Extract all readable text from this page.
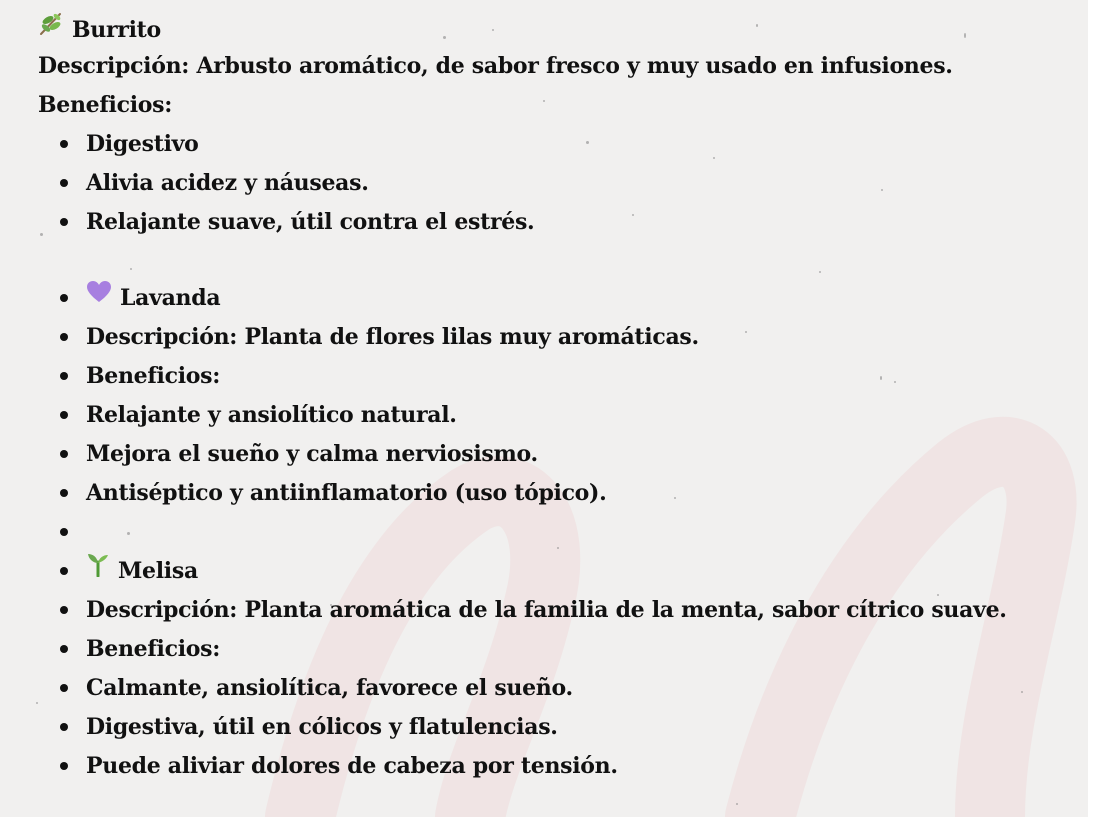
Burrito
Descripción: Arbusto aromático, de sabor fresco y muy usado en infusiones.
Beneficios:
Digestivo
Alivia acidez y náuseas.
Relajante suave, útil contra el estrés.
Lavanda
Descripción: Planta de flores lilas muy aromáticas.
Beneficios:
Relajante y ansiolítico natural.
Mejora el sueño y calma nerviosismo.
Antiséptico y antiinflamatorio (uso tópico).
Melisa
Descripción: Planta aromática de la familia de la menta, sabor cítrico suave.
Beneficios:
Calmante, ansiolítica, favorece el sueño.
Digestiva, útil en cólicos y flatulencias.
Puede aliviar dolores de cabeza por tensión.
